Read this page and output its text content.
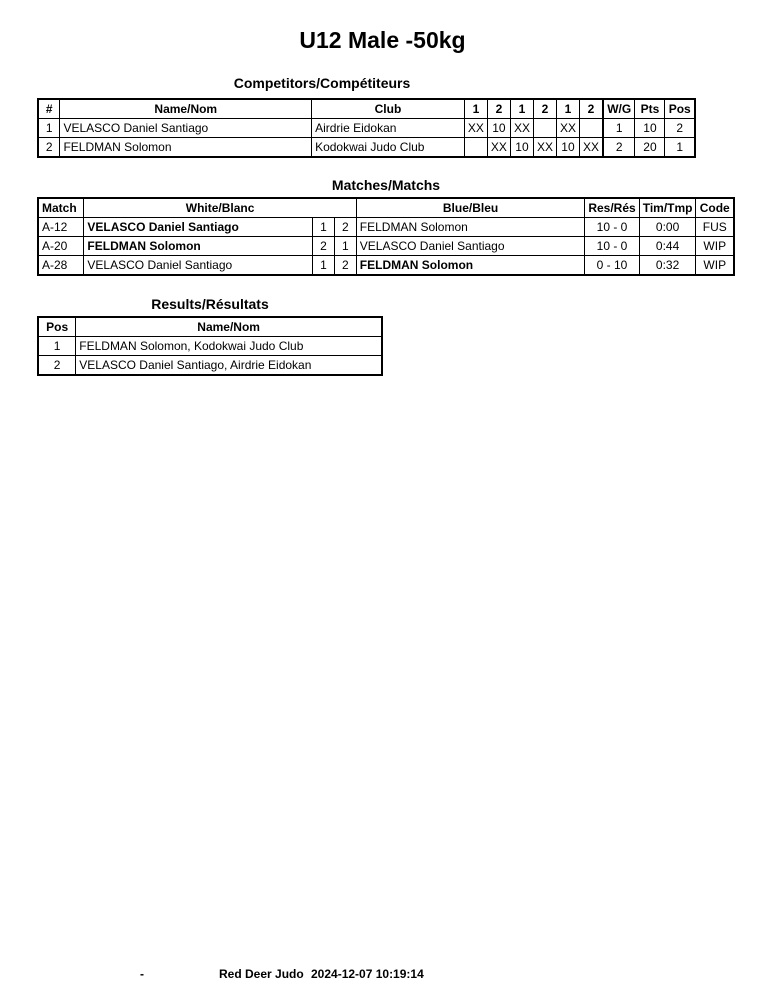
U12 Male -50kg
Competitors/Compétiteurs
#	Name/Nom	Club	1	2	1	2	1	2	W/G	Pts	Pos
1	VELASCO Daniel Santiago	Airdrie Eidokan	XX	10	XX		XX		1	10	2
2	FELDMAN Solomon	Kodokwai Judo Club		XX	10	XX	10	XX	2	20	1
Matches/Matchs
Match	White/Blanc			Blue/Bleu	Res/Rés	Tim/Tmp	Code
A-12	VELASCO Daniel Santiago	1	2	FELDMAN Solomon	10 - 0	0:00	FUS
A-20	FELDMAN Solomon	2	1	VELASCO Daniel Santiago	10 - 0	0:44	WIP
A-28	VELASCO Daniel Santiago	1	2	FELDMAN Solomon	0 - 10	0:32	WIP
Results/Résultats
Pos	Name/Nom
1	FELDMAN Solomon, Kodokwai Judo Club
2	VELASCO Daniel Santiago, Airdrie Eidokan
-	Red Deer Judo 2024-12-07 10:19:14
